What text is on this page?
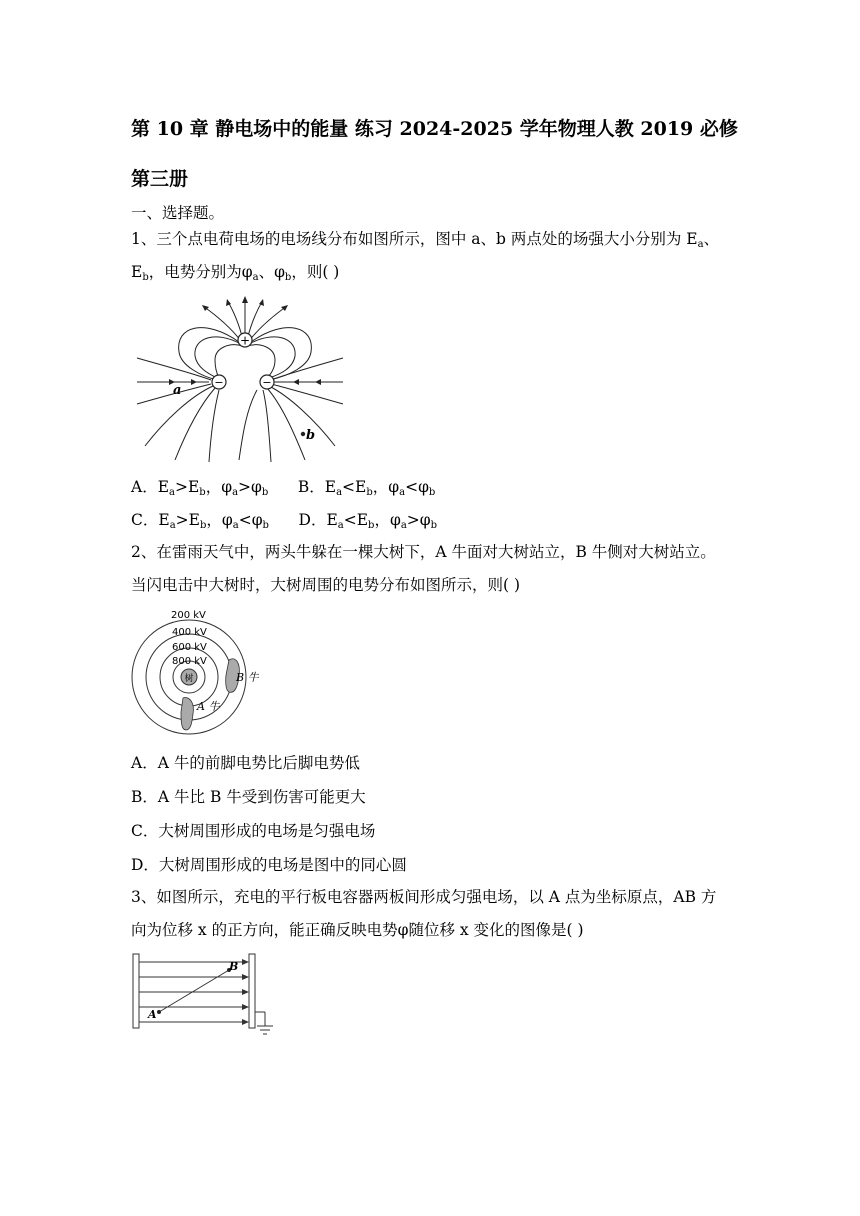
第 10 章 静电场中的能量 练习 2024-2025 学年物理人教 2019 必修第三册
一、选择题。
1、三个点电荷电场的电场线分布如图所示，图中 a、b 两点处的场强大小分别为 $E_a$、$E_b$，电势分别为$\varphi_a$、$\varphi_b$，则( )
+
−	−
a
b
A．$E_a>E_b$，$\varphi_a>\varphi_b$ B．$E_a<E_b$，$\varphi_a<\varphi_b$
C．$E_a>E_b$，$\varphi_a<\varphi_b$ D．$E_a<E_b$，$\varphi_a>\varphi_b$
2、在雷雨天气中，两头牛躲在一棵大树下，A 牛面对大树站立，B 牛侧对大树站立。当闪电击中大树时，大树周围的电势分布如图所示，则( )
树
200 kV
400 kV
600 kV
800 kV
B 牛
A 牛
A．A 牛的前脚电势比后脚电势低
B．A 牛比 B 牛受到伤害可能更大
C．大树周围形成的电场是匀强电场
D．大树周围形成的电场是图中的同心圆
3、如图所示，充电的平行板电容器两板间形成匀强电场，以 A 点为坐标原点，AB 方向为位移 x 的正方向，能正确反映电势φ随位移 x 变化的图像是( )
A
B
